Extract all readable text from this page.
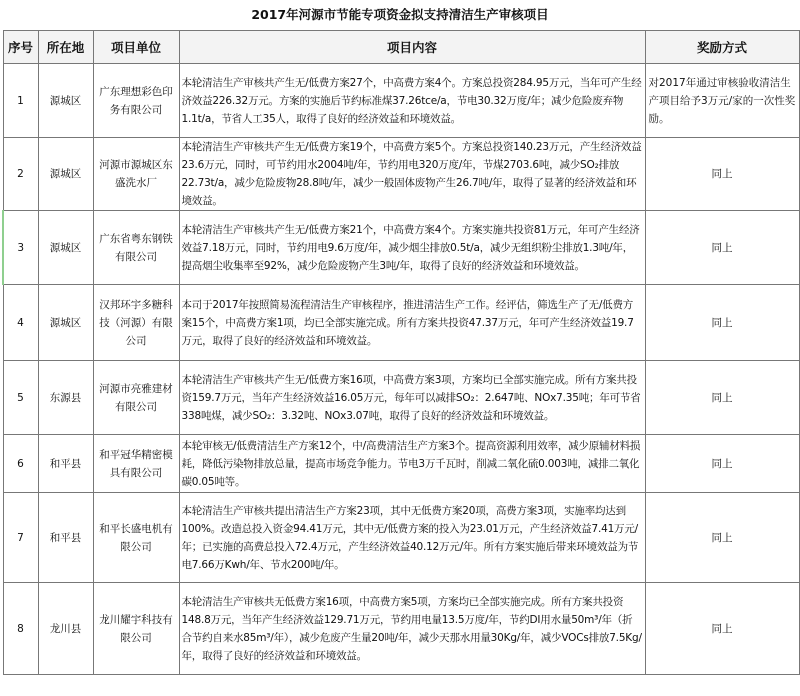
2017年河源市节能专项资金拟支持清洁生产审核项目
序号	所在地	项目单位	项目内容	奖励方式
1	源城区	广东理想彩色印务有限公司	本轮清洁生产审核共产生无/低费方案27个，中高费方案4个。方案总投资284.95万元，当年可产生经济效益226.32万元。方案的实施后节约标准煤37.26tce/a，节电30.32万度/年；减少危险废弃物1.1t/a，节省人工35人，取得了良好的经济效益和环境效益。	对2017年通过审核验收清洁生产项目给予3万元/家的一次性奖励。
2	源城区	河源市源城区东盛洗水厂	本轮清洁生产审核共产生无/低费方案19个，中高费方案5个。方案总投资140.23万元，产生经济效益23.6万元，同时，可节约用水2004吨/年，节约用电320万度/年，节煤2703.6吨，减少SO₂排放22.73t/a，减少危险废物28.8吨/年，减少一般固体废物产生26.7吨/年，取得了显著的经济效益和环境效益。	同上
3	源城区	广东省粤东钢铁有限公司	本轮清洁生产审核共产生无/低费方案21个，中高费方案4个。方案实施共投资81万元，年可产生经济效益7.18万元，同时，节约用电9.6万度/年，减少烟尘排放0.5t/a，减少无组织粉尘排放1.3吨/年，提高烟尘收集率至92%，减少危险废物产生3吨/年，取得了良好的经济效益和环境效益。	同上
4	源城区	汉邦环宇多糖科技（河源）有限公司	本司于2017年按照简易流程清洁生产审核程序，推进清洁生产工作。经评估，筛选生产了无/低费方案15个，中高费方案1项，均已全部实施完成。所有方案共投资47.37万元，年可产生经济效益19.7万元，取得了良好的经济效益和环境效益。	同上
5	东源县	河源市亮雅建材有限公司	本轮清洁生产审核共产生无/低费方案16项，中高费方案3项，方案均已全部实施完成。所有方案共投资159.7万元，当年产生经济效益16.05万元，每年可以减排SO₂：2.647吨、NOx7.35吨；年可节省338吨煤，减少SO₂：3.32吨、NOx3.07吨，取得了良好的经济效益和环境效益。	同上
6	和平县	和平冠华精密模具有限公司	本轮审核无/低费清洁生产方案12个，中/高费清洁生产方案3个。提高资源利用效率，减少原辅材料损耗，降低污染物排放总量，提高市场竞争能力。节电3万千瓦时，削减二氧化硫0.003吨，减排二氧化碳0.05吨等。	同上
7	和平县	和平长盛电机有限公司	本轮清洁生产审核共提出清洁生产方案23项，其中无低费方案20项，高费方案3项，实施率均达到100%。改造总投入资金94.41万元，其中无/低费方案的投入为23.01万元，产生经济效益7.41万元/年；已实施的高费总投入72.4万元，产生经济效益40.12万元/年。所有方案实施后带来环境效益为节电7.66万Kwh/年、节水200吨/年。	同上
8	龙川县	龙川耀宇科技有限公司	本轮清洁生产审核共无低费方案16项，中高费方案5项，方案均已全部实施完成。所有方案共投资148.8万元，当年产生经济效益129.71万元，节约用电量13.5万度/年，节约DI用水量50m³/年（折合节约自来水85m³/年），减少危废产生量20吨/年，减少天那水用量30Kg/年，减少VOCs排放7.5Kg/年，取得了良好的经济效益和环境效益。	同上
